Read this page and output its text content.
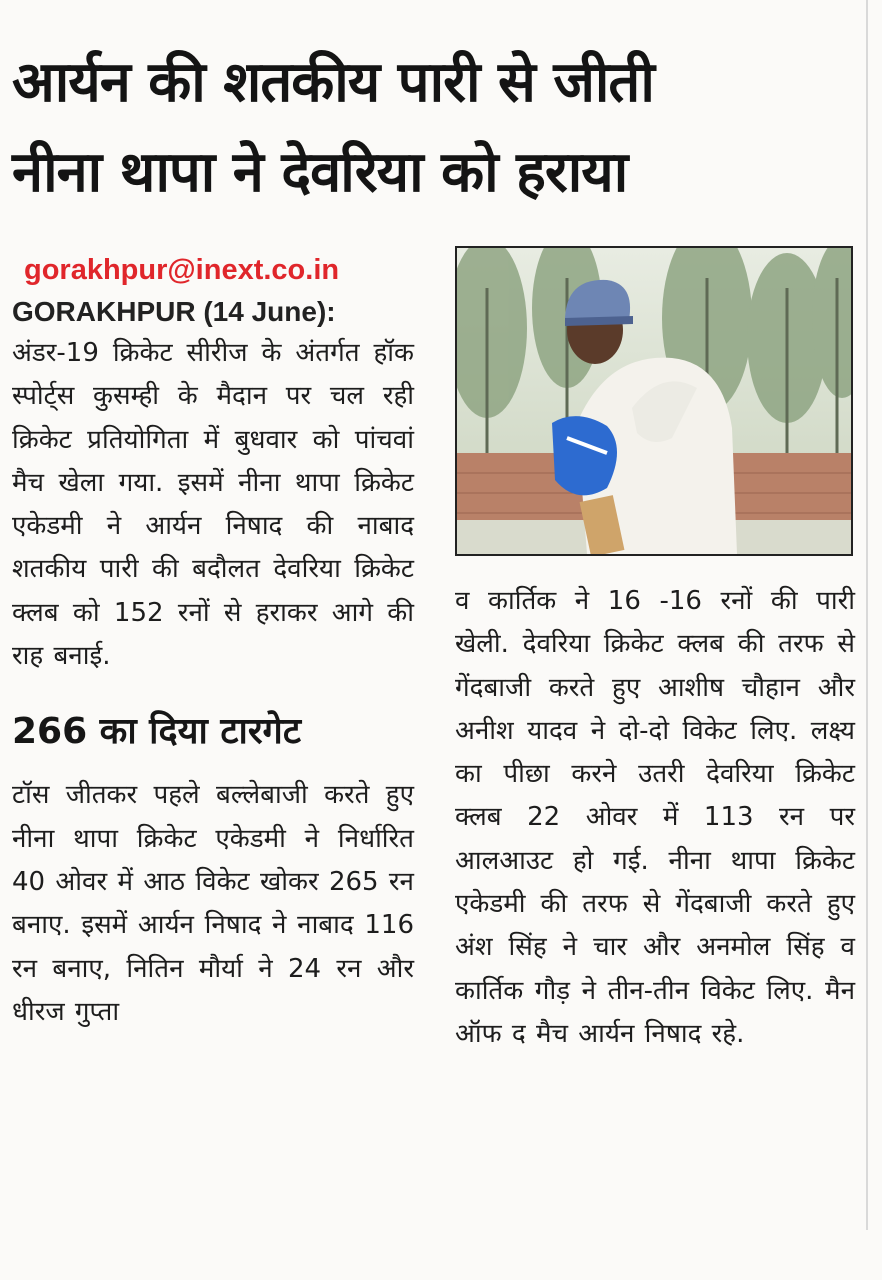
आर्यन की शतकीय पारी से जीती
नीना थापा ने देवरिया को हराया
gorakhpur@inext.co.in
GORAKHPUR (14 June):

अंडर-19 क्रिकेट सीरीज के अंतर्गत हॉक स्पोर्ट्स कुसम्ही के मैदान पर चल रही क्रिकेट प्रतियोगिता में बुधवार को पांचवां मैच खेला गया. इसमें नीना थापा क्रिकेट एकेडमी ने आर्यन निषाद की नाबाद शतकीय पारी की बदौलत देवरिया क्रिकेट क्लब को 152 रनों से हराकर आगे की राह बनाई.

266 का दिया टारगेट

टॉस जीतकर पहले बल्लेबाजी करते हुए नीना थापा क्रिकेट एकेडमी ने निर्धारित 40 ओवर में आठ विकेट खोकर 265 रन बनाए. इसमें आर्यन निषाद ने नाबाद 116 रन बनाए, नितिन मौर्या ने 24 रन और धीरज गुप्ता

व कार्तिक ने 16 -16 रनों की पारी खेली. देवरिया क्रिकेट क्लब की तरफ से गेंदबाजी करते हुए आशीष चौहान और अनीश यादव ने दो-दो विकेट लिए. लक्ष्य का पीछा करने उतरी देवरिया क्रिकेट क्लब 22 ओवर में 113 रन पर आलआउट हो गई. नीना थापा क्रिकेट एकेडमी की तरफ से गेंदबाजी करते हुए अंश सिंह ने चार और अनमोल सिंह व कार्तिक गौड़ ने तीन-तीन विकेट लिए. मैन ऑफ द मैच आर्यन निषाद रहे.
